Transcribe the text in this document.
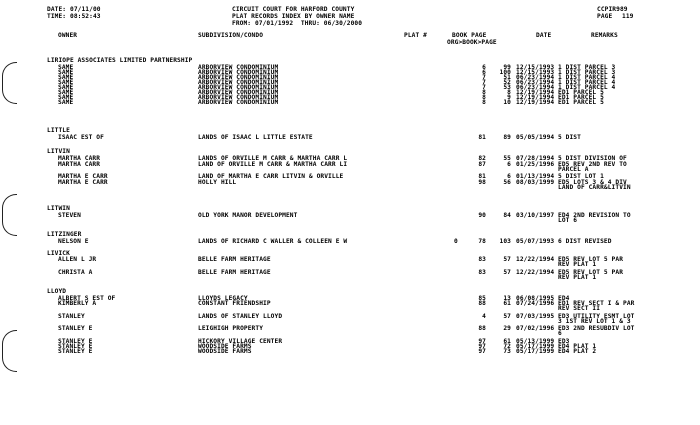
DATE: 07/11/00
TIME: 08:52:43
CIRCUIT COURT FOR HARFORD COUNTY
PLAT RECORDS INDEX BY OWNER NAME
FROM: 07/01/1992  THRU: 06/30/2000
CCPIR989
PAGE 119
OWNER	SUBDIVISION/CONDO	PLAT #	BOOK PAGE
ORG>BOOK>PAGE
DATE	REMARKS
LIRIOPE ASSOCIATES LIMITED PARTNERSHIP
LITTLE
LITVIN
LITWIN
LITZINGER
LIVICK
LLOYD
SAME	ARBORVIEW CONDOMINIUM	6	99 12/15/1993 1 DIST PARCEL 3
SAME	ARBORVIEW CONDOMINIUM	6 100 12/15/1993 1 DIST PARCEL 3
SAME	ARBORVIEW CONDOMINIUM	7	51 06/23/1994 1 DIST PARCEL 4
SAME	ARBORVIEW CONDOMINIUM	7	52 06/23/1994 1 DIST PARCEL 4
SAME	ARBORVIEW CONDOMINIUM	7	53 06/23/1994 1 DIST PARCEL 4
SAME	ARBORVIEW CONDOMINIUM	8	8 12/19/1994 ED1 PARCEL 5
SAME	ARBORVIEW CONDOMINIUM	8	9 12/19/1994 ED1 PARCEL 5
SAME	ARBORVIEW CONDOMINIUM	8	10 12/19/1994 ED1 PARCEL 5
ISAAC EST OF	LANDS OF ISAAC L LITTLE ESTATE	81	89 05/05/1994 5 DIST
MARTHA CARR	LANDS OF ORVILLE M CARR & MARTHA CARR L	82	55 07/28/1994 5 DIST DIVISION OF
MARTHA CARR	LAND OF ORVILLE M CARR & MARTHA CARR LI	87	6 01/25/1996 ED5 REV 2ND REV TO
PARCEL A
MARTHA E CARR	LAND OF MARTHA E CARR LITVIN & ORVILLE	81	6 01/13/1994 5 DIST LOT 1
MARTHA E CARR	HOLLY HILL	98	56 08/03/1999 ED5 LOTS 3 & 4 DIV
LAND OF CARR&LITVIN
STEVEN	OLD YORK MANOR DEVELOPMENT	90	84 03/10/1997 ED4 2ND REVISION TO
LOT 6
NELSON E	LANDS OF RICHARD C WALLER & COLLEEN E W	0	78 103 05/07/1993 6 DIST REVISED
ALLEN L JR	BELLE FARM HERITAGE	83	57 12/22/1994 ED5 REV LOT 5 PAR
REV PLAT 1
CHRISTA A	BELLE FARM HERITAGE	83	57 12/22/1994 ED5 REV LOT 5 PAR
REV PLAT 1
ALBERT S EST OF	LLOYDS LEGACY	85	13 06/08/1995 ED4
KIMBERLY A	CONSTANT FRIENDSHIP	88	61 07/24/1996 ED1 REV SECT I & PAR
REV SECT II
STANLEY	LANDS OF STANLEY LLOYD	4	57 07/03/1995 ED3 UTILITY ESMT LOT
3 1ST REV LOT 1 & 3
STANLEY E	LEIGHIGH PROPERTY	88	29 07/02/1996 ED3 2ND RESUBDIV LOT
6
STANLEY E	HICKORY VILLAGE CENTER	97	61 05/13/1999 ED3
STANLEY E	WOODSIDE FARMS	97	72 05/17/1999 ED4 PLAT 1
STANLEY E	WOODSIDE FARMS	97	73 05/17/1999 ED4 PLAT 2
